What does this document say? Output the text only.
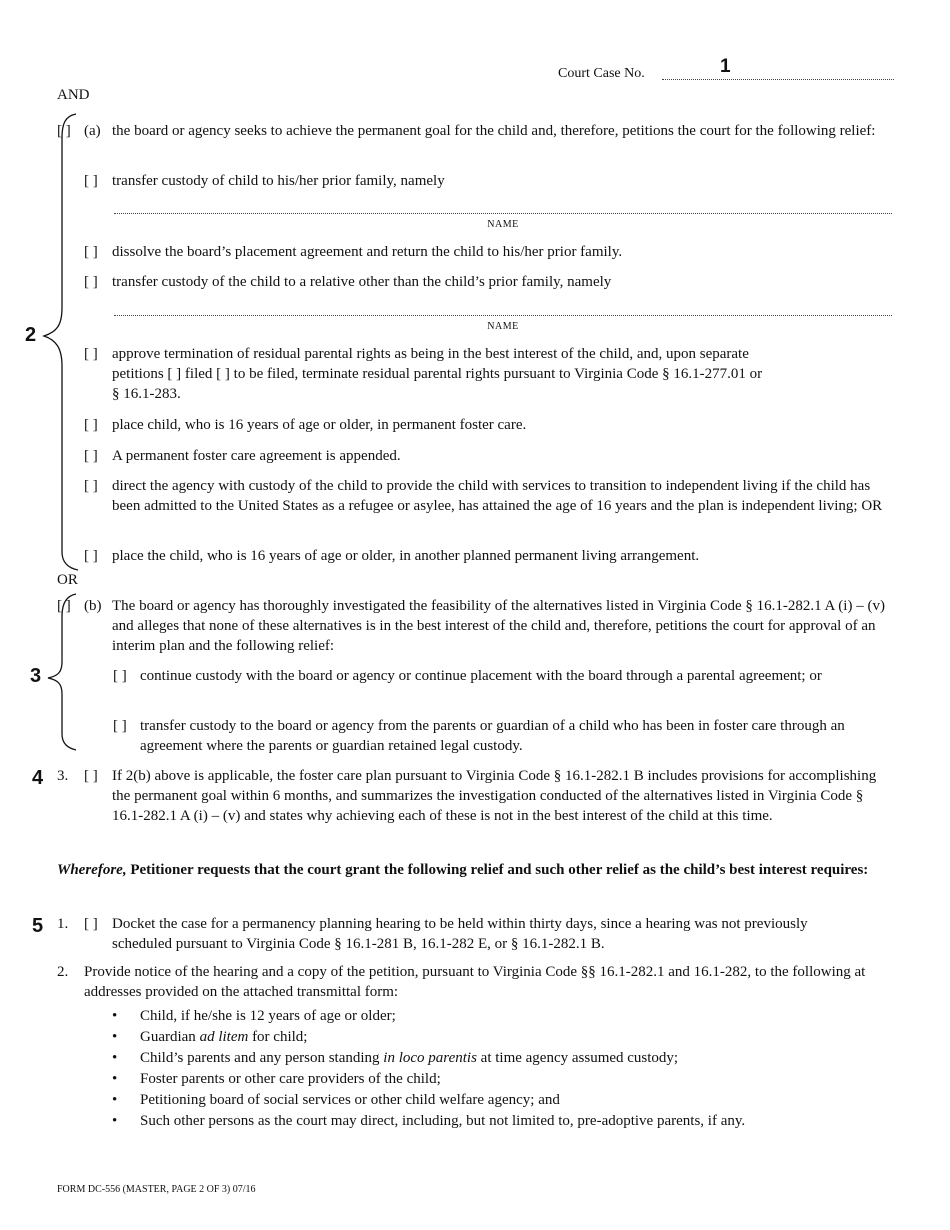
Court Case No.	1
AND
2
3
[ ] (a) the board or agency seeks to achieve the permanent goal for the child and, therefore, petitions the court for the following relief:
[ ] transfer custody of child to his/her prior family, namely
NAME
[ ] dissolve the board’s placement agreement and return the child to his/her prior family.
[ ] transfer custody of the child to a relative other than the child’s prior family, namely
NAME
[ ] approve termination of residual parental rights as being in the best interest of the child, and, upon separate
petitions [ ] filed [ ] to be filed, terminate residual parental rights pursuant to Virginia Code § 16.1-277.01 or
§ 16.1-283.
[ ] place child, who is 16 years of age or older, in permanent foster care.
[ ] A permanent foster care agreement is appended.
[ ] direct the agency with custody of the child to provide the child with services to transition to independent living if the child has been admitted to the United States as a refugee or asylee, has attained the age of 16 years and the plan is independent living; OR
[ ] place the child, who is 16 years of age or older, in another planned permanent living arrangement.
OR
[ ] (b) The board or agency has thoroughly investigated the feasibility of the alternatives listed in Virginia Code § 16.1-282.1 A (i) – (v) and alleges that none of these alternatives is in the best interest of the child and, therefore, petitions the court for approval of an interim plan and the following relief:
[ ] continue custody with the board or agency or continue placement with the board through a parental agreement; or
[ ] transfer custody to the board or agency from the parents or guardian of a child who has been in foster care through an agreement where the parents or guardian retained legal custody.
4 3. [ ] If 2(b) above is applicable, the foster care plan pursuant to Virginia Code § 16.1-282.1 B includes provisions for accomplishing the permanent goal within 6 months, and summarizes the investigation conducted of the alternatives listed in Virginia Code § 16.1-282.1 A (i) – (v) and states why achieving each of these is not in the best interest of the child at this time.
Wherefore, Petitioner requests that the court grant the following relief and such other relief as the child’s best interest requires:
5 1. [ ] Docket the case for a permanency planning hearing to be held within thirty days, since a hearing was not previously scheduled pursuant to Virginia Code § 16.1-281 B, 16.1-282 E, or § 16.1-282.1 B.
2. Provide notice of the hearing and a copy of the petition, pursuant to Virginia Code §§ 16.1-282.1 and 16.1-282, to the following at addresses provided on the attached transmittal form:
• Child, if he/she is 12 years of age or older;
• Guardian ad litem for child;
• Child’s parents and any person standing in loco parentis at time agency assumed custody;
• Foster parents or other care providers of the child;
• Petitioning board of social services or other child welfare agency; and
• Such other persons as the court may direct, including, but not limited to, pre-adoptive parents, if any.
FORM DC-556 (MASTER, PAGE 2 OF 3) 07/16
